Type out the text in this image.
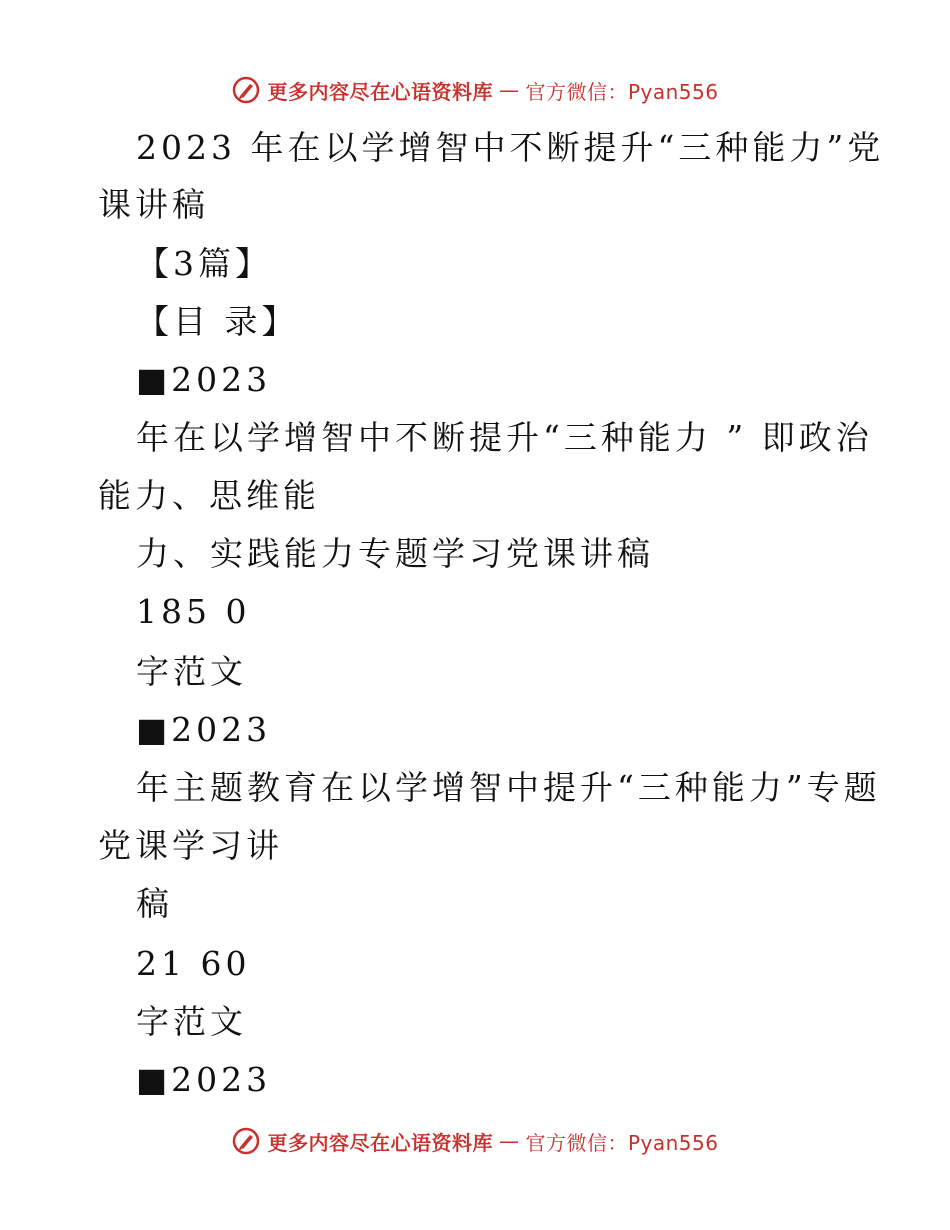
更多内容尽在心语资料库 — 官方微信：Pyan556
2023 年在以学增智中不断提升“三种能力”党
课讲稿
【3篇】
【目 录】
■2023
年在以学增智中不断提升“三种能力 ” 即政治
能力、思维能
力、实践能力专题学习党课讲稿
185 0
字范文
■2023
年主题教育在以学增智中提升“三种能力”专题
党课学习讲
稿
21 60
字范文
■2023
更多内容尽在心语资料库 — 官方微信：Pyan556
